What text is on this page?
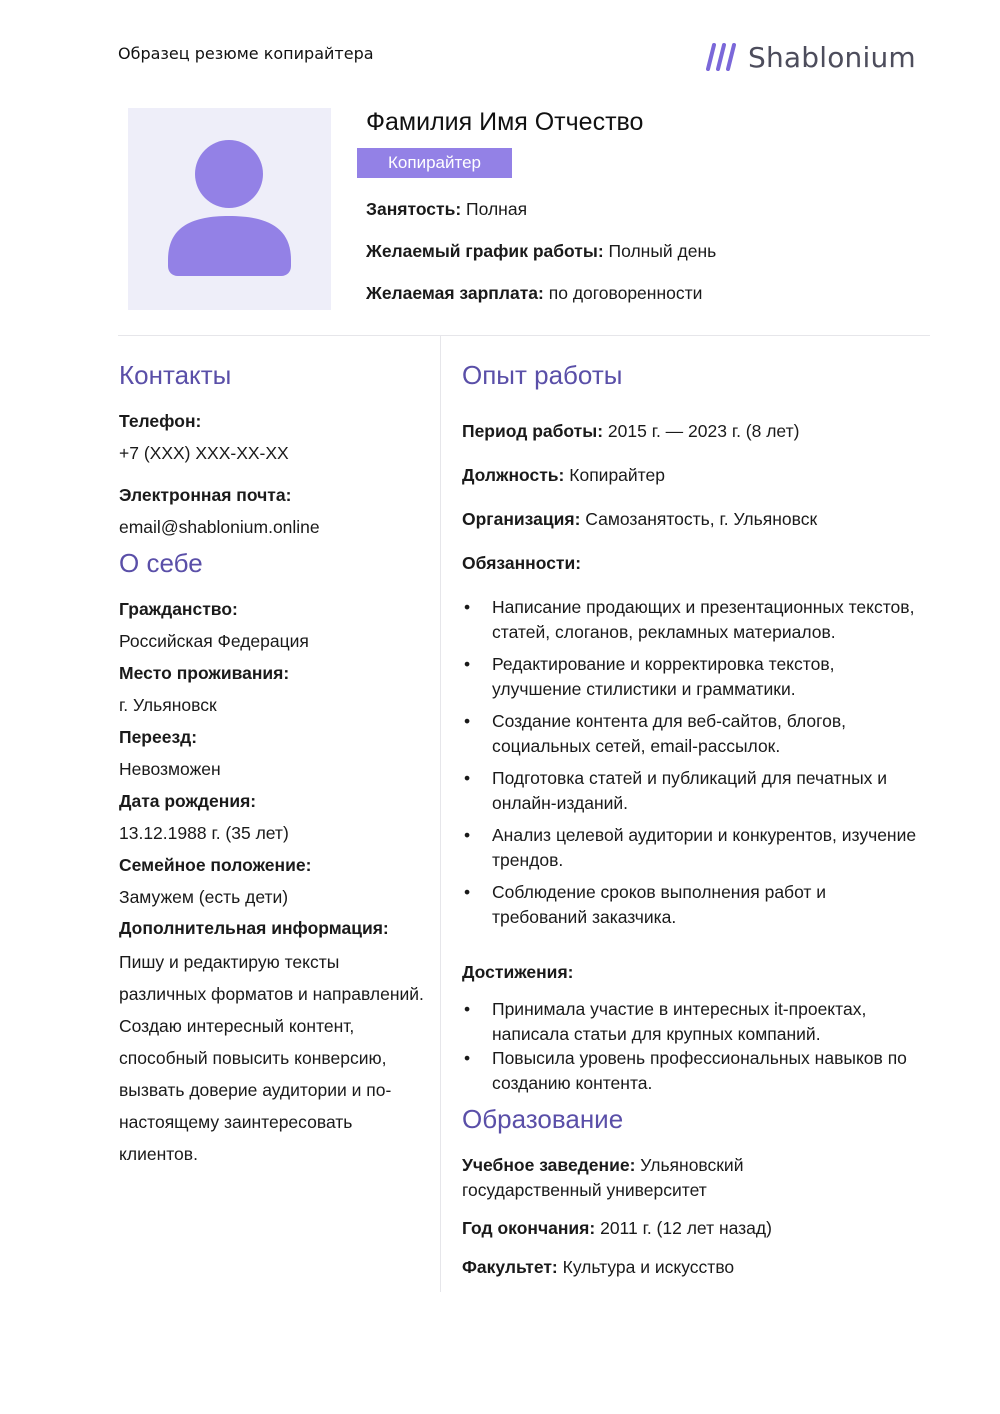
Образец резюме копирайтера	Shablonium
Фамилия Имя Отчество
Копирайтер
Занятость: Полная
Желаемый график работы: Полный день
Желаемая зарплата: по договоренности
Контакты
Телефон:
+7 (XXX) XXX-XX-XX
Электронная почта:
email@shablonium.online
О себе
Гражданство:
Российская Федерация
Место проживания:
г. Ульяновск
Переезд:
Невозможен
Дата рождения:
13.12.1988 г. (35 лет)
Семейное положение:
Замужем (есть дети)
Дополнительная информация:
Пишу и редактирую тексты различных форматов и направлений. Создаю интересный контент, способный повысить конверсию, вызвать доверие аудитории и по-настоящему заинтересовать клиентов.
Опыт работы
Период работы: 2015 г. — 2023 г. (8 лет)
Должность: Копирайтер
Организация: Самозанятость, г. Ульяновск
Обязанности:
• Написание продающих и презентационных текстов, статей, слоганов, рекламных материалов.
• Редактирование и корректировка текстов, улучшение стилистики и грамматики.
• Создание контента для веб-сайтов, блогов, социальных сетей, email-рассылок.
• Подготовка статей и публикаций для печатных и онлайн-изданий.
• Анализ целевой аудитории и конкурентов, изучение трендов.
• Соблюдение сроков выполнения работ и требований заказчика.
Достижения:
• Принимала участие в интересных it-проектах, написала статьи для крупных компаний.
• Повысила уровень профессиональных навыков по созданию контента.
Образование
Учебное заведение: Ульяновский государственный университет
Год окончания: 2011 г. (12 лет назад)
Факультет: Культура и искусство
